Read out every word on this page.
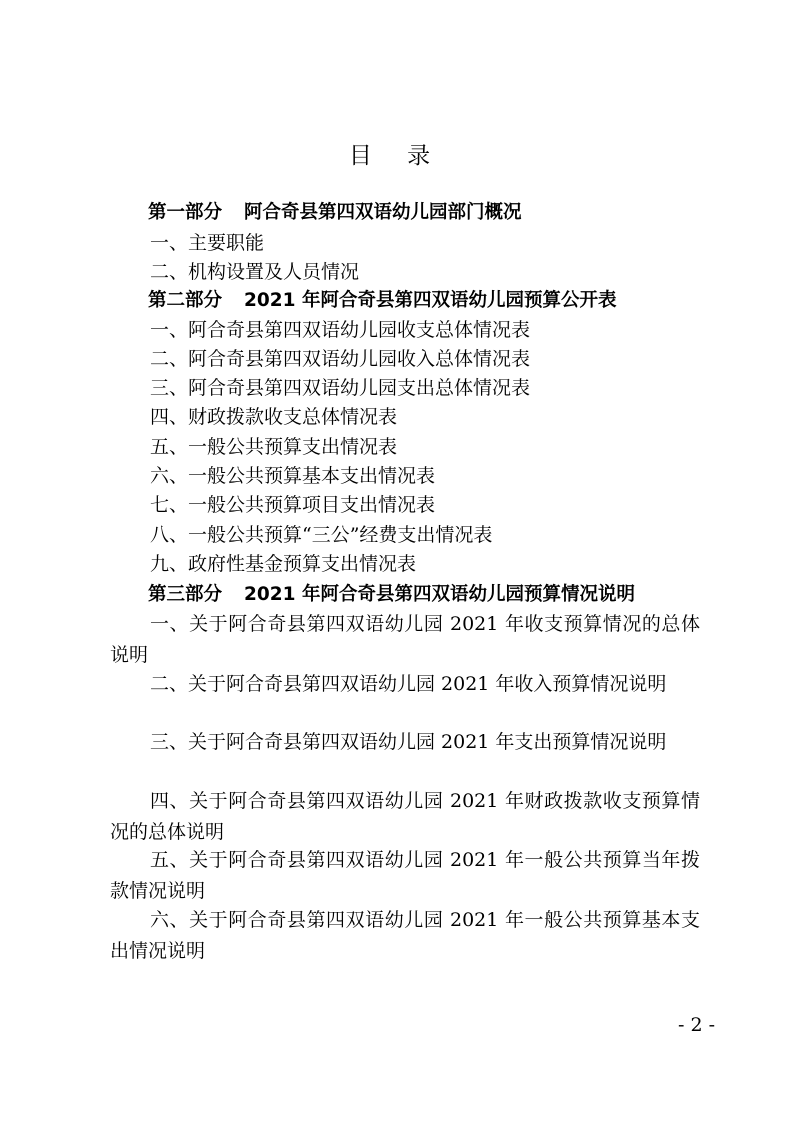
目 录

第一部分 阿合奇县第四双语幼儿园部门概况

一、主要职能

二、机构设置及人员情况

第二部分 2021 年阿合奇县第四双语幼儿园预算公开表

一、阿合奇县第四双语幼儿园收支总体情况表

二、阿合奇县第四双语幼儿园收入总体情况表

三、阿合奇县第四双语幼儿园支出总体情况表

四、财政拨款收支总体情况表

五、一般公共预算支出情况表

六、一般公共预算基本支出情况表

七、一般公共预算项目支出情况表

八、一般公共预算“三公”经费支出情况表

九、政府性基金预算支出情况表

第三部分 2021 年阿合奇县第四双语幼儿园预算情况说明

一、关于阿合奇县第四双语幼儿园 2021 年收支预算情况的总体说明

二、关于阿合奇县第四双语幼儿园 2021 年收入预算情况说明

三、关于阿合奇县第四双语幼儿园 2021 年支出预算情况说明

四、关于阿合奇县第四双语幼儿园 2021 年财政拨款收支预算情况的总体说明

五、关于阿合奇县第四双语幼儿园 2021 年一般公共预算当年拨款情况说明

六、关于阿合奇县第四双语幼儿园 2021 年一般公共预算基本支出情况说明

- 2 -
